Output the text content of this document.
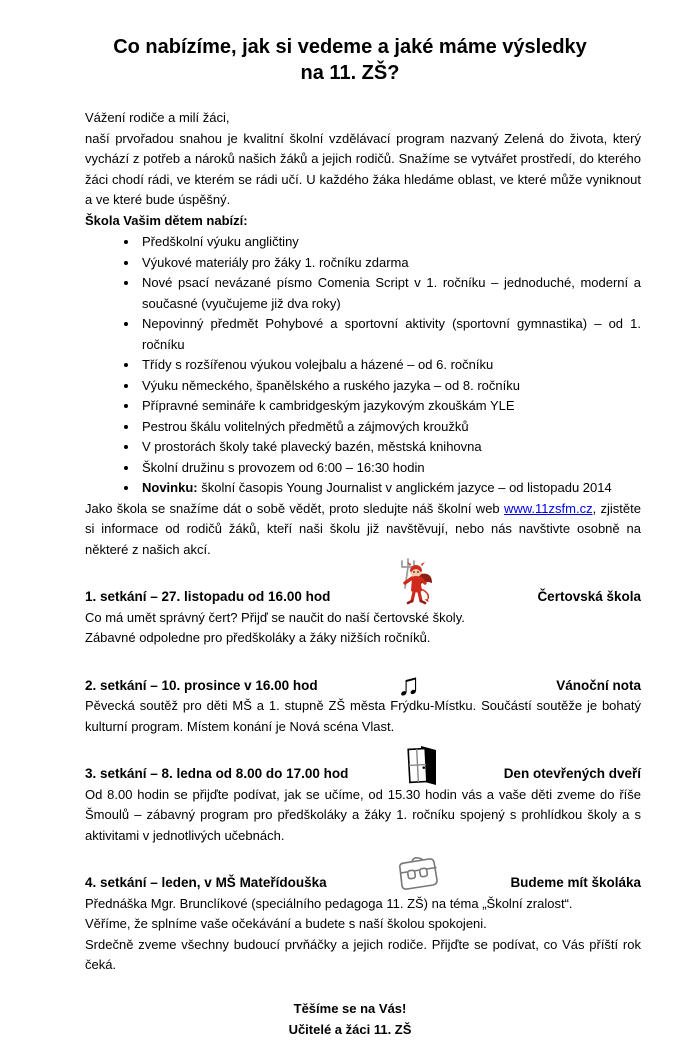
Co nabízíme, jak si vedeme a jaké máme výsledky
na 11. ZŠ?

Vážení rodiče a milí žáci,

naší prvořadou snahou je kvalitní školní vzdělávací program nazvaný Zelená do života, který vychází z potřeb a nároků našich žáků a jejich rodičů. Snažíme se vytvářet prostředí, do kterého žáci chodí rádi, ve kterém se rádi učí. U každého žáka hledáme oblast, ve které může vyniknout a ve které bude úspěšný.

Škola Vašim dětem nabízí:

• Předškolní výuku angličtiny
• Výukové materiály pro žáky 1. ročníku zdarma
• Nové psací nevázané písmo Comenia Script v 1. ročníku – jednoduché, moderní a současné (vyučujeme již dva roky)
• Nepovinný předmět Pohybové a sportovní aktivity (sportovní gymnastika) – od 1. ročníku
• Třídy s rozšířenou výukou volejbalu a házené – od 6. ročníku
• Výuku německého, španělského a ruského jazyka – od 8. ročníku
• Přípravné semináře k cambridgeským jazykovým zkouškám YLE
• Pestrou škálu volitelných předmětů a zájmových kroužků
• V prostorách školy také plavecký bazén, městská knihovna
• Školní družinu s provozem od 6:00 – 16:30 hodin
• Novinku: školní časopis Young Journalist v anglickém jazyce – od listopadu 2014

Jako škola se snažíme dát o sobě vědět, proto sledujte náš školní web www.11zsfm.cz, zjistěte si informace od rodičů žáků, kteří naši školu již navštěvují, nebo nás navštivte osobně na některé z našich akcí.

1. setkání – 27. listopadu od 16.00 hod	Čertovská škola

Co má umět správný čert? Přijď se naučit do naší čertovské školy.

Zábavné odpoledne pro předškoláky a žáky nižších ročníků.

2. setkání – 10. prosince v 16.00 hod	♫	Vánoční nota

Pěvecká soutěž pro děti MŠ a 1. stupně ZŠ města Frýdku-Místku. Součástí soutěže je bohatý kulturní program. Místem konání je Nová scéna Vlast.

3. setkání – 8. ledna od 8.00 do 17.00 hod	Den otevřených dveří

Od 8.00 hodin se přijďte podívat, jak se učíme, od 15.30 hodin vás a vaše děti zveme do říše Šmoulů – zábavný program pro předškoláky a žáky 1. ročníku spojený s prohlídkou školy a s aktivitami v jednotlivých učebnách.

4. setkání – leden, v MŠ Mateřídouška	Budeme mít školáka

Přednáška Mgr. Brunclíkové (speciálního pedagoga 11. ZŠ) na téma „Školní zralost“.

Věříme, že splníme vaše očekávání a budete s naší školou spokojeni.

Srdečně zveme všechny budoucí prvňáčky a jejich rodiče. Přijďte se podívat, co Vás příští rok čeká.

Těšíme se na Vás!
Učitelé a žáci 11. ZŠ
